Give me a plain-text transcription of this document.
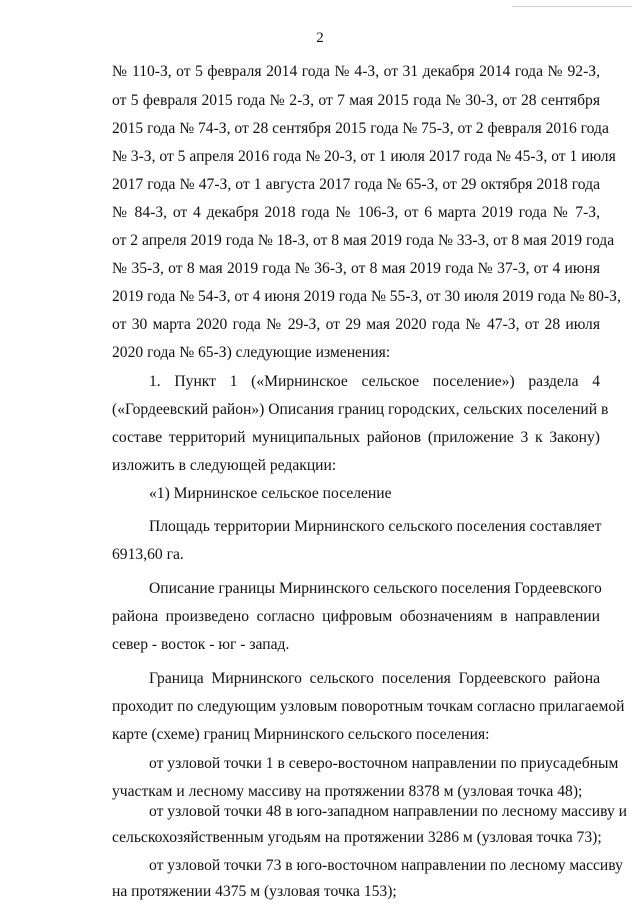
2
№ 110-З, от 5 февраля 2014 года № 4-З, от 31 декабря 2014 года № 92-З,
от 5 февраля 2015 года № 2-З, от 7 мая 2015 года № 30-З, от 28 сентября
2015 года № 74-З, от 28 сентября 2015 года № 75-З, от 2 февраля 2016 года
№ 3-З, от 5 апреля 2016 года № 20-З, от 1 июля 2017 года № 45-З, от 1 июля
2017 года № 47-З, от 1 августа 2017 года № 65-З, от 29 октября 2018 года
№ 84-З, от 4 декабря 2018 года № 106-З, от 6 марта 2019 года № 7-З,
от 2 апреля 2019 года № 18-З, от 8 мая 2019 года № 33-З, от 8 мая 2019 года
№ 35-З, от 8 мая 2019 года № 36-З, от 8 мая 2019 года № 37-З, от 4 июня
2019 года № 54-З, от 4 июня 2019 года № 55-З, от 30 июля 2019 года № 80-З,
от 30 марта 2020 года № 29-З, от 29 мая 2020 года № 47-З, от 28 июля
2020 года № 65-З) следующие изменения:
1. Пункт 1 («Мирнинское сельское поселение») раздела 4
(«Гордеевский район») Описания границ городских, сельских поселений в
составе территорий муниципальных районов (приложение 3 к Закону)
изложить в следующей редакции:
«1) Мирнинское сельское поселение
Площадь территории Мирнинского сельского поселения составляет
6913,60 га.
Описание границы Мирнинского сельского поселения Гордеевского
района произведено согласно цифровым обозначениям в направлении
север - восток - юг - запад.
Граница Мирнинского сельского поселения Гордеевского района
проходит по следующим узловым поворотным точкам согласно прилагаемой
карте (схеме) границ Мирнинского сельского поселения:
от узловой точки 1 в северо-восточном направлении по приусадебным
участкам и лесному массиву на протяжении 8378 м (узловая точка 48);
от узловой точки 48 в юго-западном направлении по лесному массиву и
сельскохозяйственным угодьям на протяжении 3286 м (узловая точка 73);
от узловой точки 73 в юго-восточном направлении по лесному массиву
на протяжении 4375 м (узловая точка 153);
